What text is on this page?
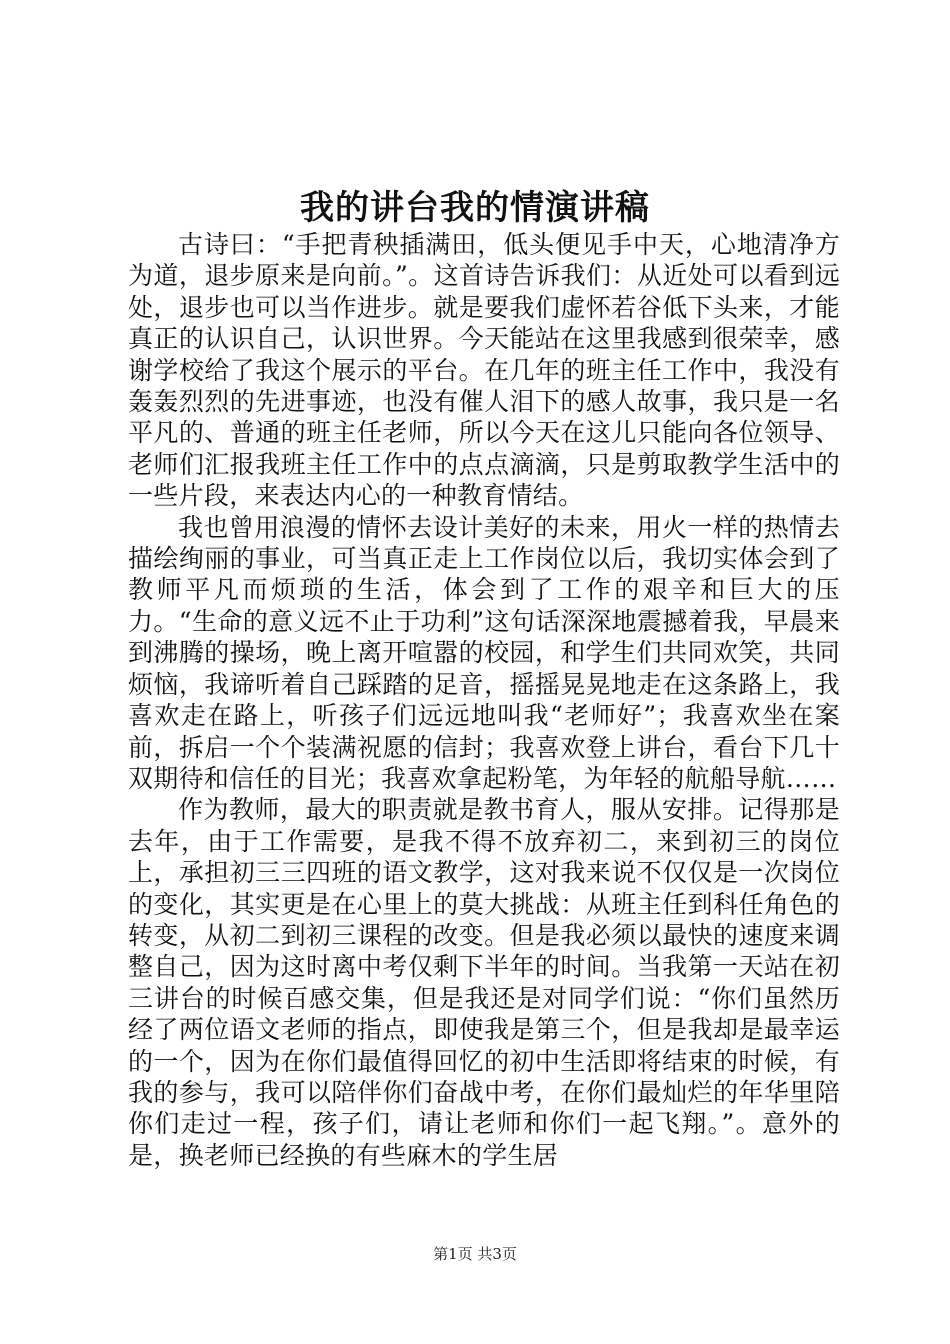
我的讲台我的情演讲稿

古诗曰：“手把青秧插满田，低头便见手中天，心地清净方为道，退步原来是向前。”。这首诗告诉我们：从近处可以看到远处，退步也可以当作进步。就是要我们虚怀若谷低下头来，才能真正的认识自己，认识世界。今天能站在这里我感到很荣幸，感谢学校给了我这个展示的平台。在几年的班主任工作中，我没有轰轰烈烈的先进事迹，也没有催人泪下的感人故事，我只是一名平凡的、普通的班主任老师，所以今天在这儿只能向各位领导、老师们汇报我班主任工作中的点点滴滴，只是剪取教学生活中的一些片段，来表达内心的一种教育情结。

我也曾用浪漫的情怀去设计美好的未来，用火一样的热情去描绘绚丽的事业，可当真正走上工作岗位以后，我切实体会到了教师平凡而烦琐的生活，体会到了工作的艰辛和巨大的压力。“生命的意义远不止于功利”这句话深深地震撼着我，早晨来到沸腾的操场，晚上离开喧嚣的校园，和学生们共同欢笑，共同烦恼，我谛听着自己踩踏的足音，摇摇晃晃地走在这条路上，我喜欢走在路上，听孩子们远远地叫我“老师好”；我喜欢坐在案前，拆启一个个装满祝愿的信封；我喜欢登上讲台，看台下几十双期待和信任的目光；我喜欢拿起粉笔，为年轻的航船导航……

作为教师，最大的职责就是教书育人，服从安排。记得那是去年，由于工作需要，是我不得不放弃初二，来到初三的岗位上，承担初三三四班的语文教学，这对我来说不仅仅是一次岗位的变化，其实更是在心里上的莫大挑战：从班主任到科任角色的转变，从初二到初三课程的改变。但是我必须以最快的速度来调整自己，因为这时离中考仅剩下半年的时间。当我第一天站在初三讲台的时候百感交集，但是我还是对同学们说：“你们虽然历经了两位语文老师的指点，即使我是第三个，但是我却是最幸运的一个，因为在你们最值得回忆的初中生活即将结束的时候，有我的参与，我可以陪伴你们奋战中考，在你们最灿烂的年华里陪你们走过一程，孩子们，请让老师和你们一起飞翔。”。意外的是，换老师已经换的有些麻木的学生居

第1页 共3页
